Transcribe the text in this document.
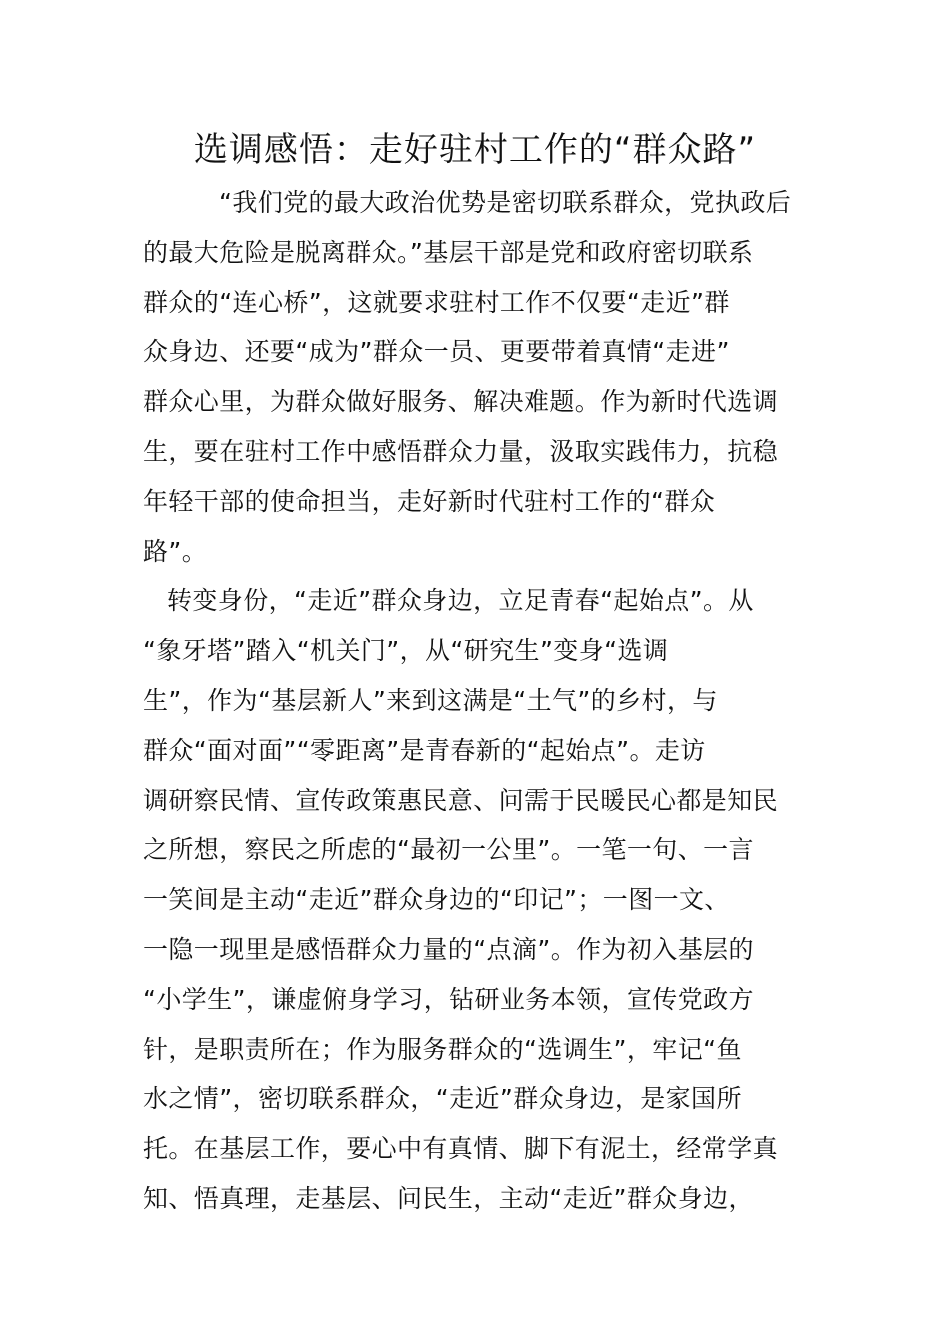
选调感悟：走好驻村工作的“群众路”
“我们党的最大政治优势是密切联系群众，党执政后
的最大危险是脱离群众。”基层干部是党和政府密切联系
群众的“连心桥”，这就要求驻村工作不仅要“走近”群
众身边、还要“成为”群众一员、更要带着真情“走进”
群众心里，为群众做好服务、解决难题。作为新时代选调
生，要在驻村工作中感悟群众力量，汲取实践伟力，抗稳
年轻干部的使命担当，走好新时代驻村工作的“群众
路”。
转变身份，“走近”群众身边，立足青春“起始点”。从
“象牙塔”踏入“机关门”，从“研究生”变身“选调
生”，作为“基层新人”来到这满是“土气”的乡村，与
群众“面对面”“零距离”是青春新的“起始点”。走访
调研察民情、宣传政策惠民意、问需于民暖民心都是知民
之所想，察民之所虑的“最初一公里”。一笔一句、一言
一笑间是主动“走近”群众身边的“印记”；一图一文、
一隐一现里是感悟群众力量的“点滴”。作为初入基层的
“小学生”，谦虚俯身学习，钻研业务本领，宣传党政方
针，是职责所在；作为服务群众的“选调生”，牢记“鱼
水之情”，密切联系群众，“走近”群众身边，是家国所
托。在基层工作，要心中有真情、脚下有泥土，经常学真
知、悟真理，走基层、问民生，主动“走近”群众身边，
